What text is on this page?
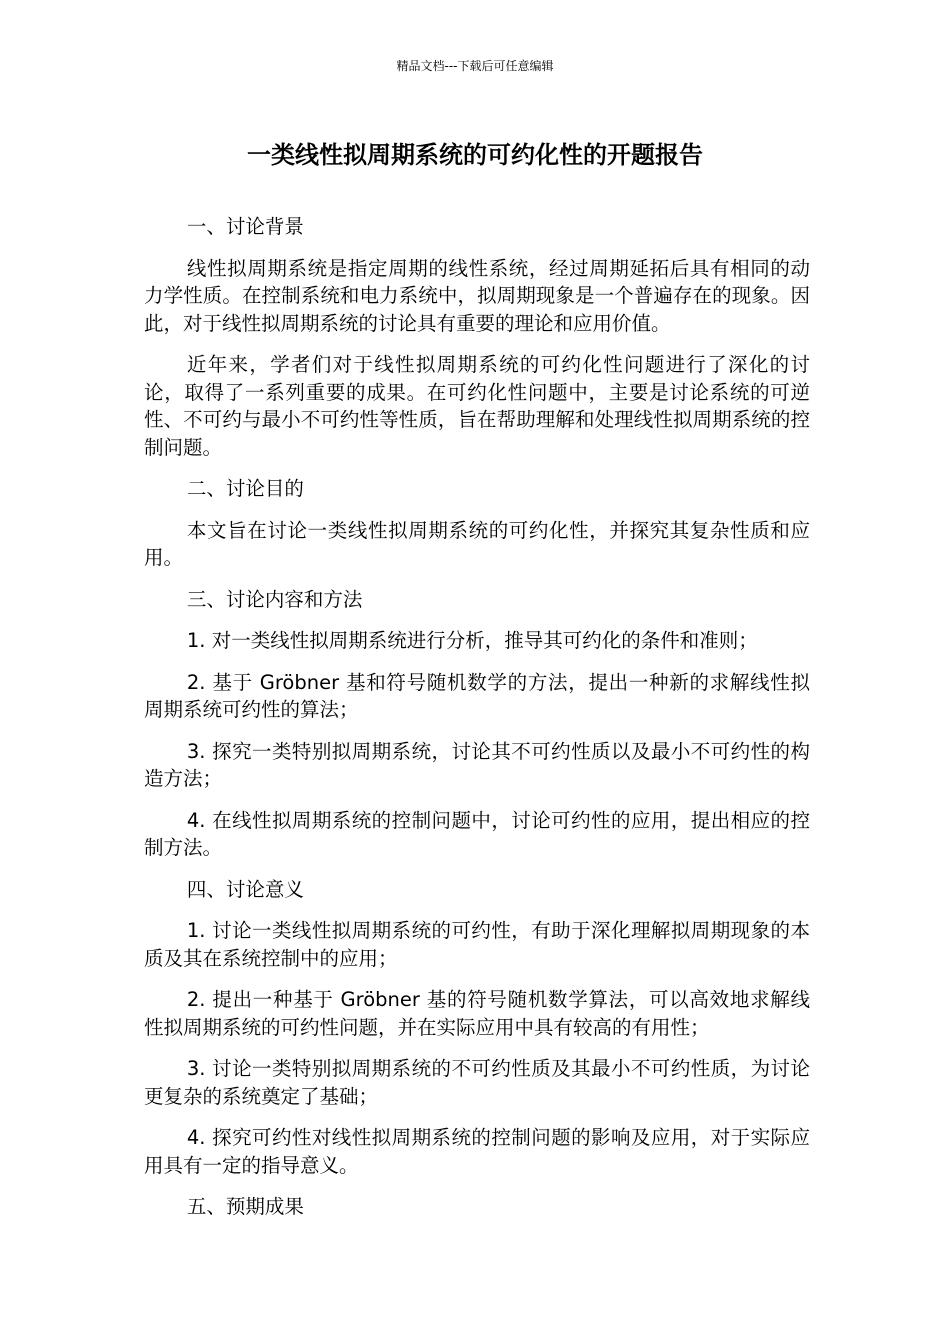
精品文档---下载后可任意编辑
一类线性拟周期系统的可约化性的开题报告

一、讨论背景

线性拟周期系统是指定周期的线性系统，经过周期延拓后具有相同的动力学性质。在控制系统和电力系统中，拟周期现象是一个普遍存在的现象。因此，对于线性拟周期系统的讨论具有重要的理论和应用价值。

近年来，学者们对于线性拟周期系统的可约化性问题进行了深化的讨论，取得了一系列重要的成果。在可约化性问题中，主要是讨论系统的可逆性、不可约与最小不可约性等性质，旨在帮助理解和处理线性拟周期系统的控制问题。

二、讨论目的

本文旨在讨论一类线性拟周期系统的可约化性，并探究其复杂性质和应用。

三、讨论内容和方法

1. 对一类线性拟周期系统进行分析，推导其可约化的条件和准则；

2. 基于 Gröbner 基和符号随机数学的方法，提出一种新的求解线性拟周期系统可约性的算法；

3. 探究一类特别拟周期系统，讨论其不可约性质以及最小不可约性的构造方法；

4. 在线性拟周期系统的控制问题中，讨论可约性的应用，提出相应的控制方法。

四、讨论意义

1. 讨论一类线性拟周期系统的可约性，有助于深化理解拟周期现象的本质及其在系统控制中的应用；

2. 提出一种基于 Gröbner 基的符号随机数学算法，可以高效地求解线性拟周期系统的可约性问题，并在实际应用中具有较高的有用性；

3. 讨论一类特别拟周期系统的不可约性质及其最小不可约性质，为讨论更复杂的系统奠定了基础；

4. 探究可约性对线性拟周期系统的控制问题的影响及应用，对于实际应用具有一定的指导意义。

五、预期成果
